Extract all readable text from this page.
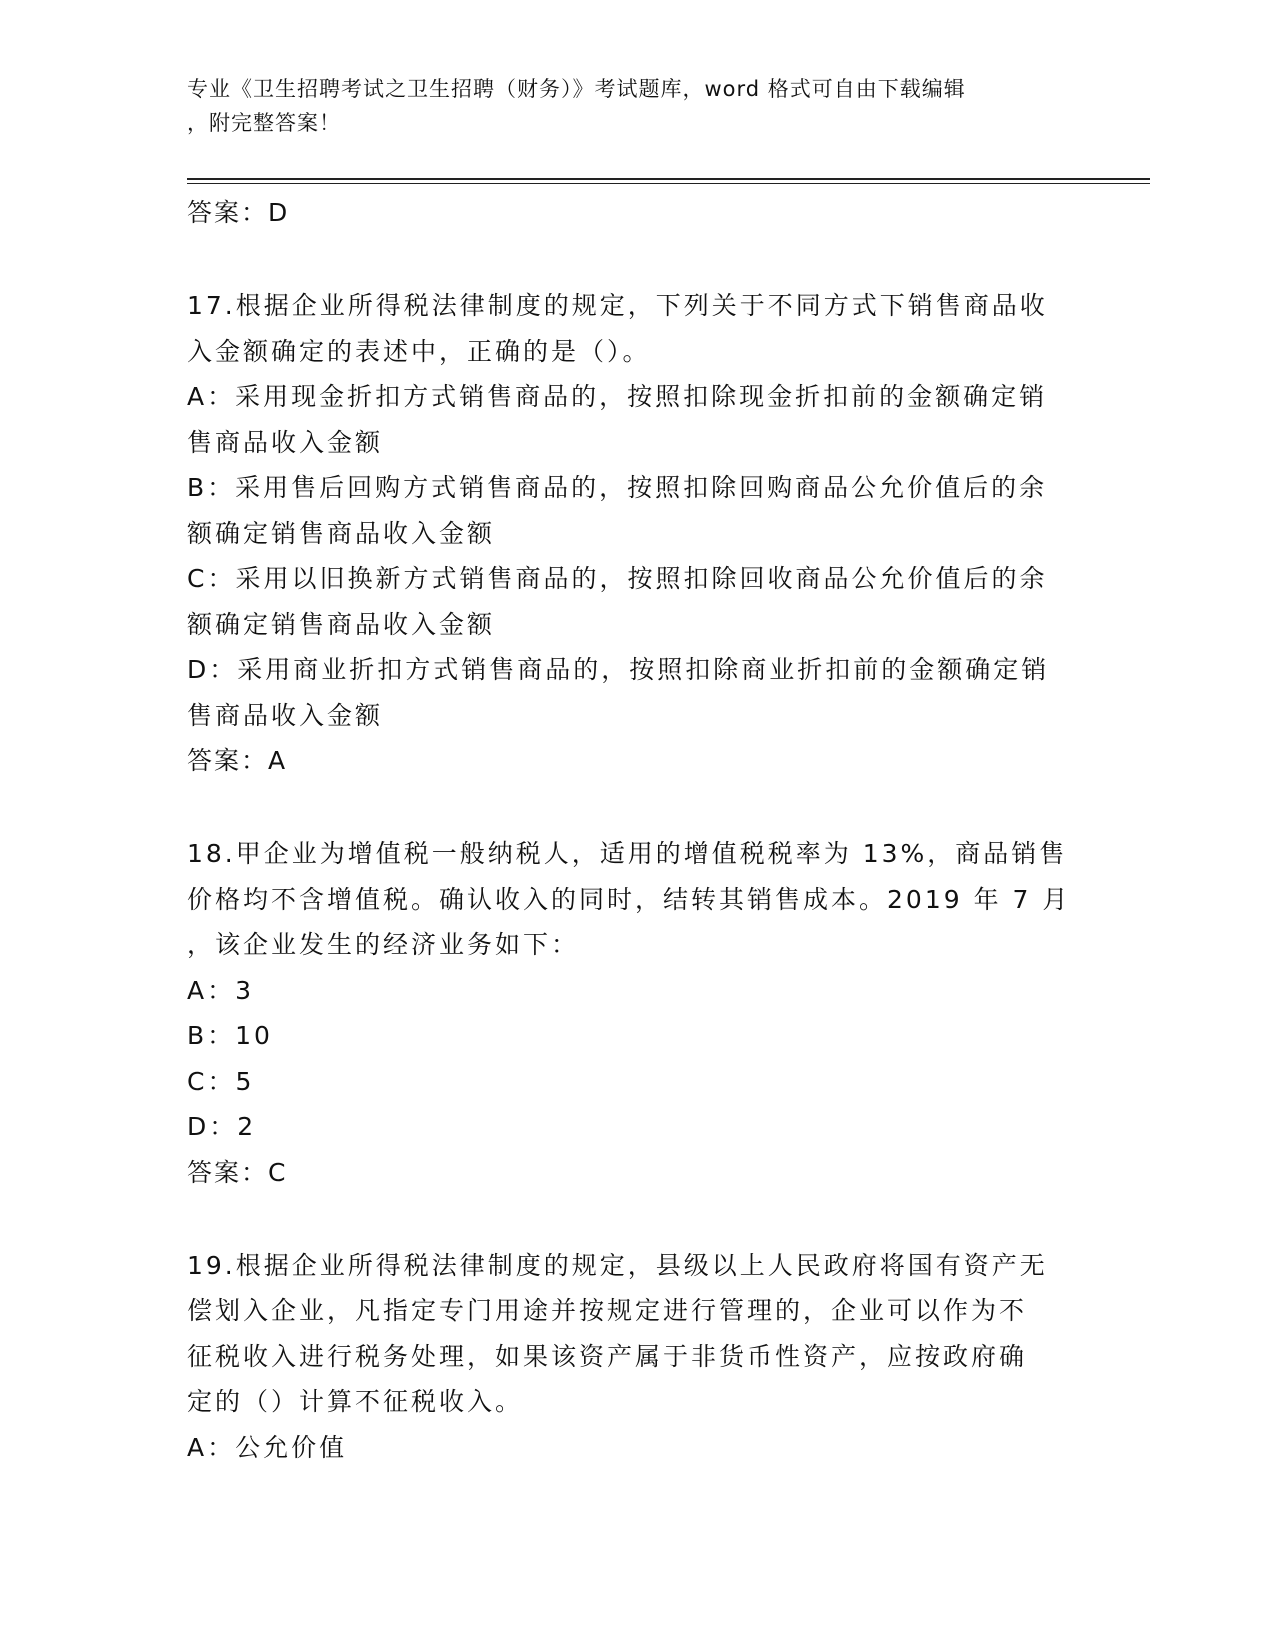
专业《卫生招聘考试之卫生招聘（财务）》考试题库，word 格式可自由下载编辑
，附完整答案！
答案：D
17.根据企业所得税法律制度的规定，下列关于不同方式下销售商品收
入金额确定的表述中，正确的是（）。
A：采用现金折扣方式销售商品的，按照扣除现金折扣前的金额确定销
售商品收入金额
B：采用售后回购方式销售商品的，按照扣除回购商品公允价值后的余
额确定销售商品收入金额
C：采用以旧换新方式销售商品的，按照扣除回收商品公允价值后的余
额确定销售商品收入金额
D：采用商业折扣方式销售商品的，按照扣除商业折扣前的金额确定销
售商品收入金额
答案：A
18.甲企业为增值税一般纳税人，适用的增值税税率为 13%，商品销售
价格均不含增值税。确认收入的同时，结转其销售成本。2019 年 7 月
，该企业发生的经济业务如下：
A：3
B：10
C：5
D：2
答案：C
19.根据企业所得税法律制度的规定，县级以上人民政府将国有资产无
偿划入企业，凡指定专门用途并按规定进行管理的，企业可以作为不
征税收入进行税务处理，如果该资产属于非货币性资产，应按政府确
定的（）计算不征税收入。
A：公允价值
